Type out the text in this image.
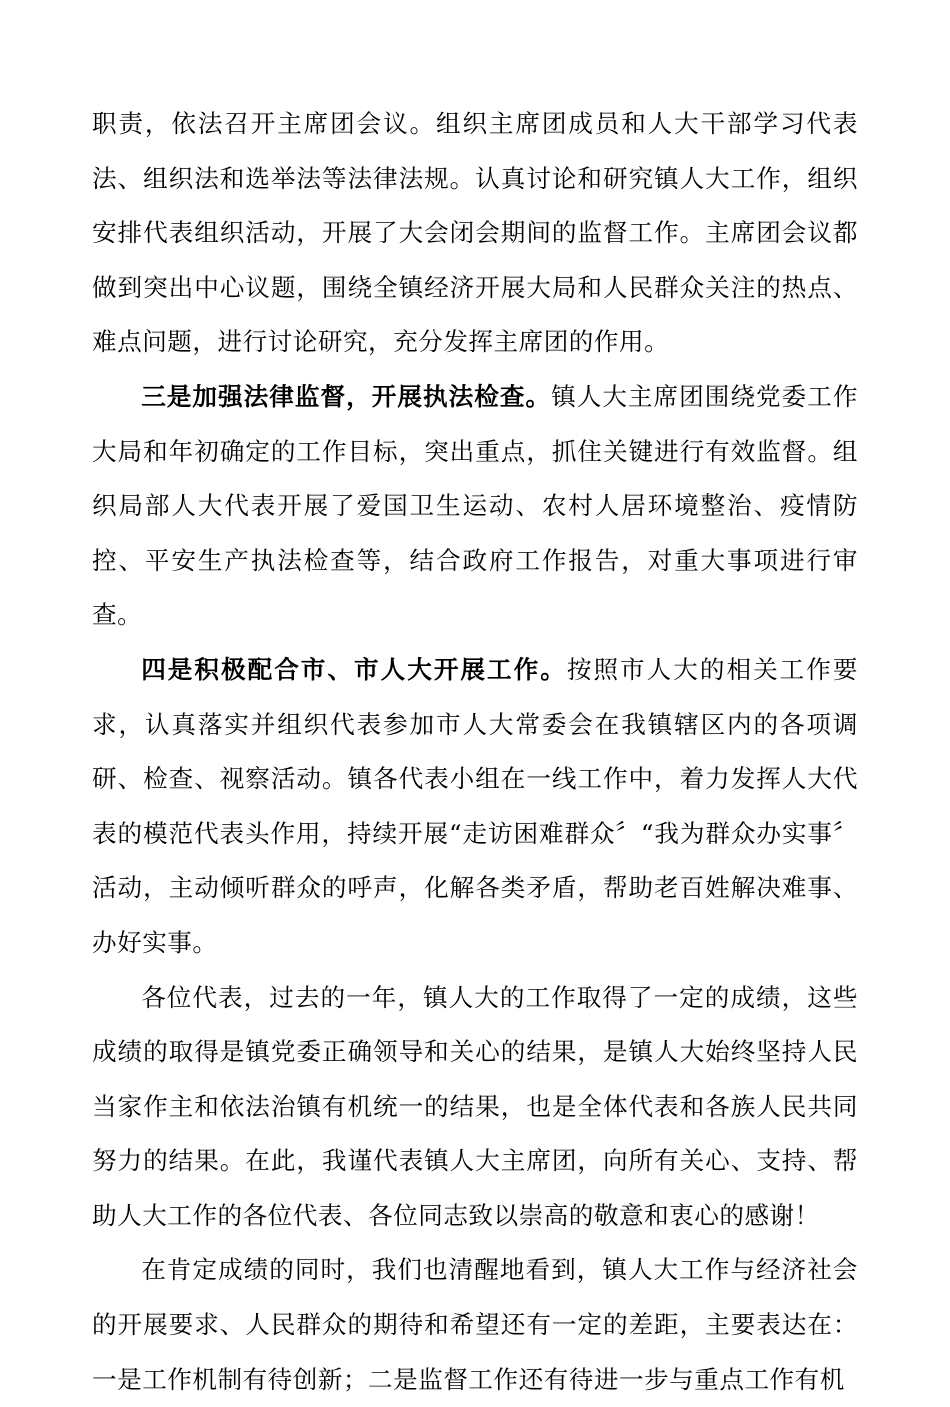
职责，依法召开主席团会议。组织主席团成员和人大干部学习代表法、组织法和选举法等法律法规。认真讨论和研究镇人大工作，组织安排代表组织活动，开展了大会闭会期间的监督工作。主席团会议都做到突出中心议题，围绕全镇经济开展大局和人民群众关注的热点、难点问题，进行讨论研究，充分发挥主席团的作用。

三是加强法律监督，开展执法检查。镇人大主席团围绕党委工作大局和年初确定的工作目标，突出重点，抓住关键进行有效监督。组织局部人大代表开展了爱国卫生运动、农村人居环境整治、疫情防控、平安生产执法检查等，结合政府工作报告，对重大事项进行审查。

四是积极配合市、市人大开展工作。按照市人大的相关工作要求，认真落实并组织代表参加市人大常委会在我镇辖区内的各项调研、检查、视察活动。镇各代表小组在一线工作中，着力发挥人大代表的模范代表头作用，持续开展“走访困难群众〞“我为群众办实事〞活动，主动倾听群众的呼声，化解各类矛盾，帮助老百姓解决难事、办好实事。

各位代表，过去的一年，镇人大的工作取得了一定的成绩，这些成绩的取得是镇党委正确领导和关心的结果，是镇人大始终坚持人民当家作主和依法治镇有机统一的结果，也是全体代表和各族人民共同努力的结果。在此，我谨代表镇人大主席团，向所有关心、支持、帮助人大工作的各位代表、各位同志致以崇高的敬意和衷心的感谢！

在肯定成绩的同时，我们也清醒地看到，镇人大工作与经济社会的开展要求、人民群众的期待和希望还有一定的差距，主要表达在：一是工作机制有待创新；二是监督工作还有待进一步与重点工作有机
